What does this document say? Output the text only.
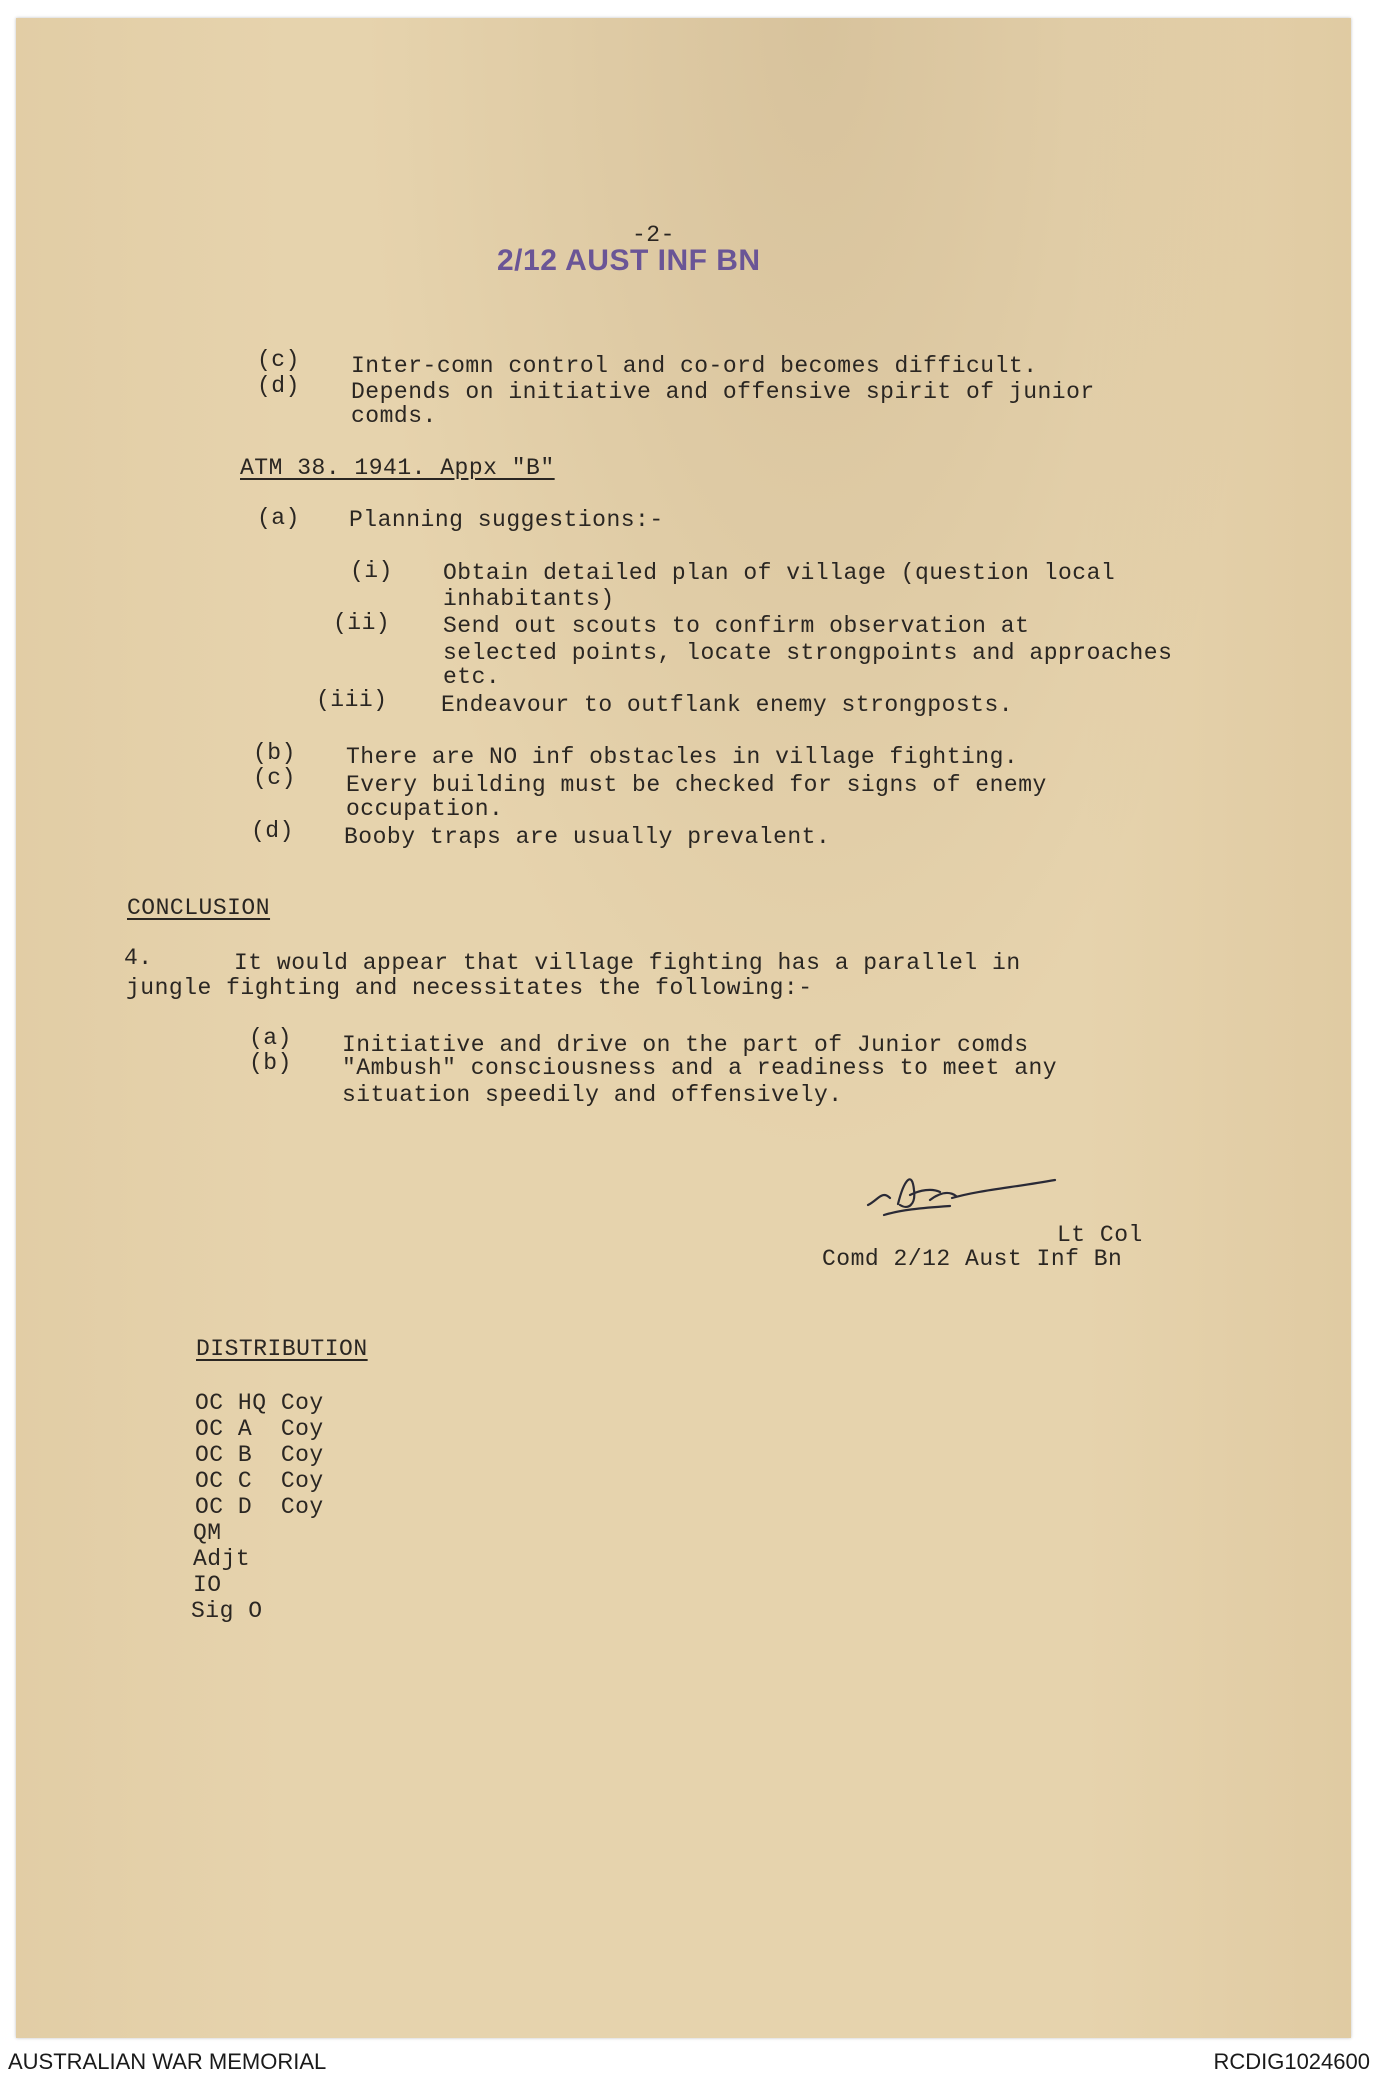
-2-
2/12 AUST INF BN
(c) Inter-comn control and co-ord becomes difficult.
(d) Depends on initiative and offensive spirit of junior
comds.
ATM 38. 1941. Appx "B"
(a) Planning suggestions:-
(i) Obtain detailed plan of village (question local
inhabitants)
(ii) Send out scouts to confirm observation at
selected points, locate strongpoints and approaches
etc.
(iii) Endeavour to outflank enemy strongposts.
(b) There are NO inf obstacles in village fighting.
(c) Every building must be checked for signs of enemy
occupation.
(d) Booby traps are usually prevalent.
CONCLUSION
4.	It would appear that village fighting has a parallel in
jungle fighting and necessitates the following:-
(a) Initiative and drive on the part of Junior comds
(b) "Ambush" consciousness and a readiness to meet any
situation speedily and offensively.
Lt Col
Comd 2/12 Aust Inf Bn
DISTRIBUTION
OC HQ Coy
OC A  Coy
OC B  Coy
OC C  Coy
OC D  Coy
QM
Adjt
IO
Sig O
AUSTRALIAN WAR MEMORIAL	RCDIG1024600
